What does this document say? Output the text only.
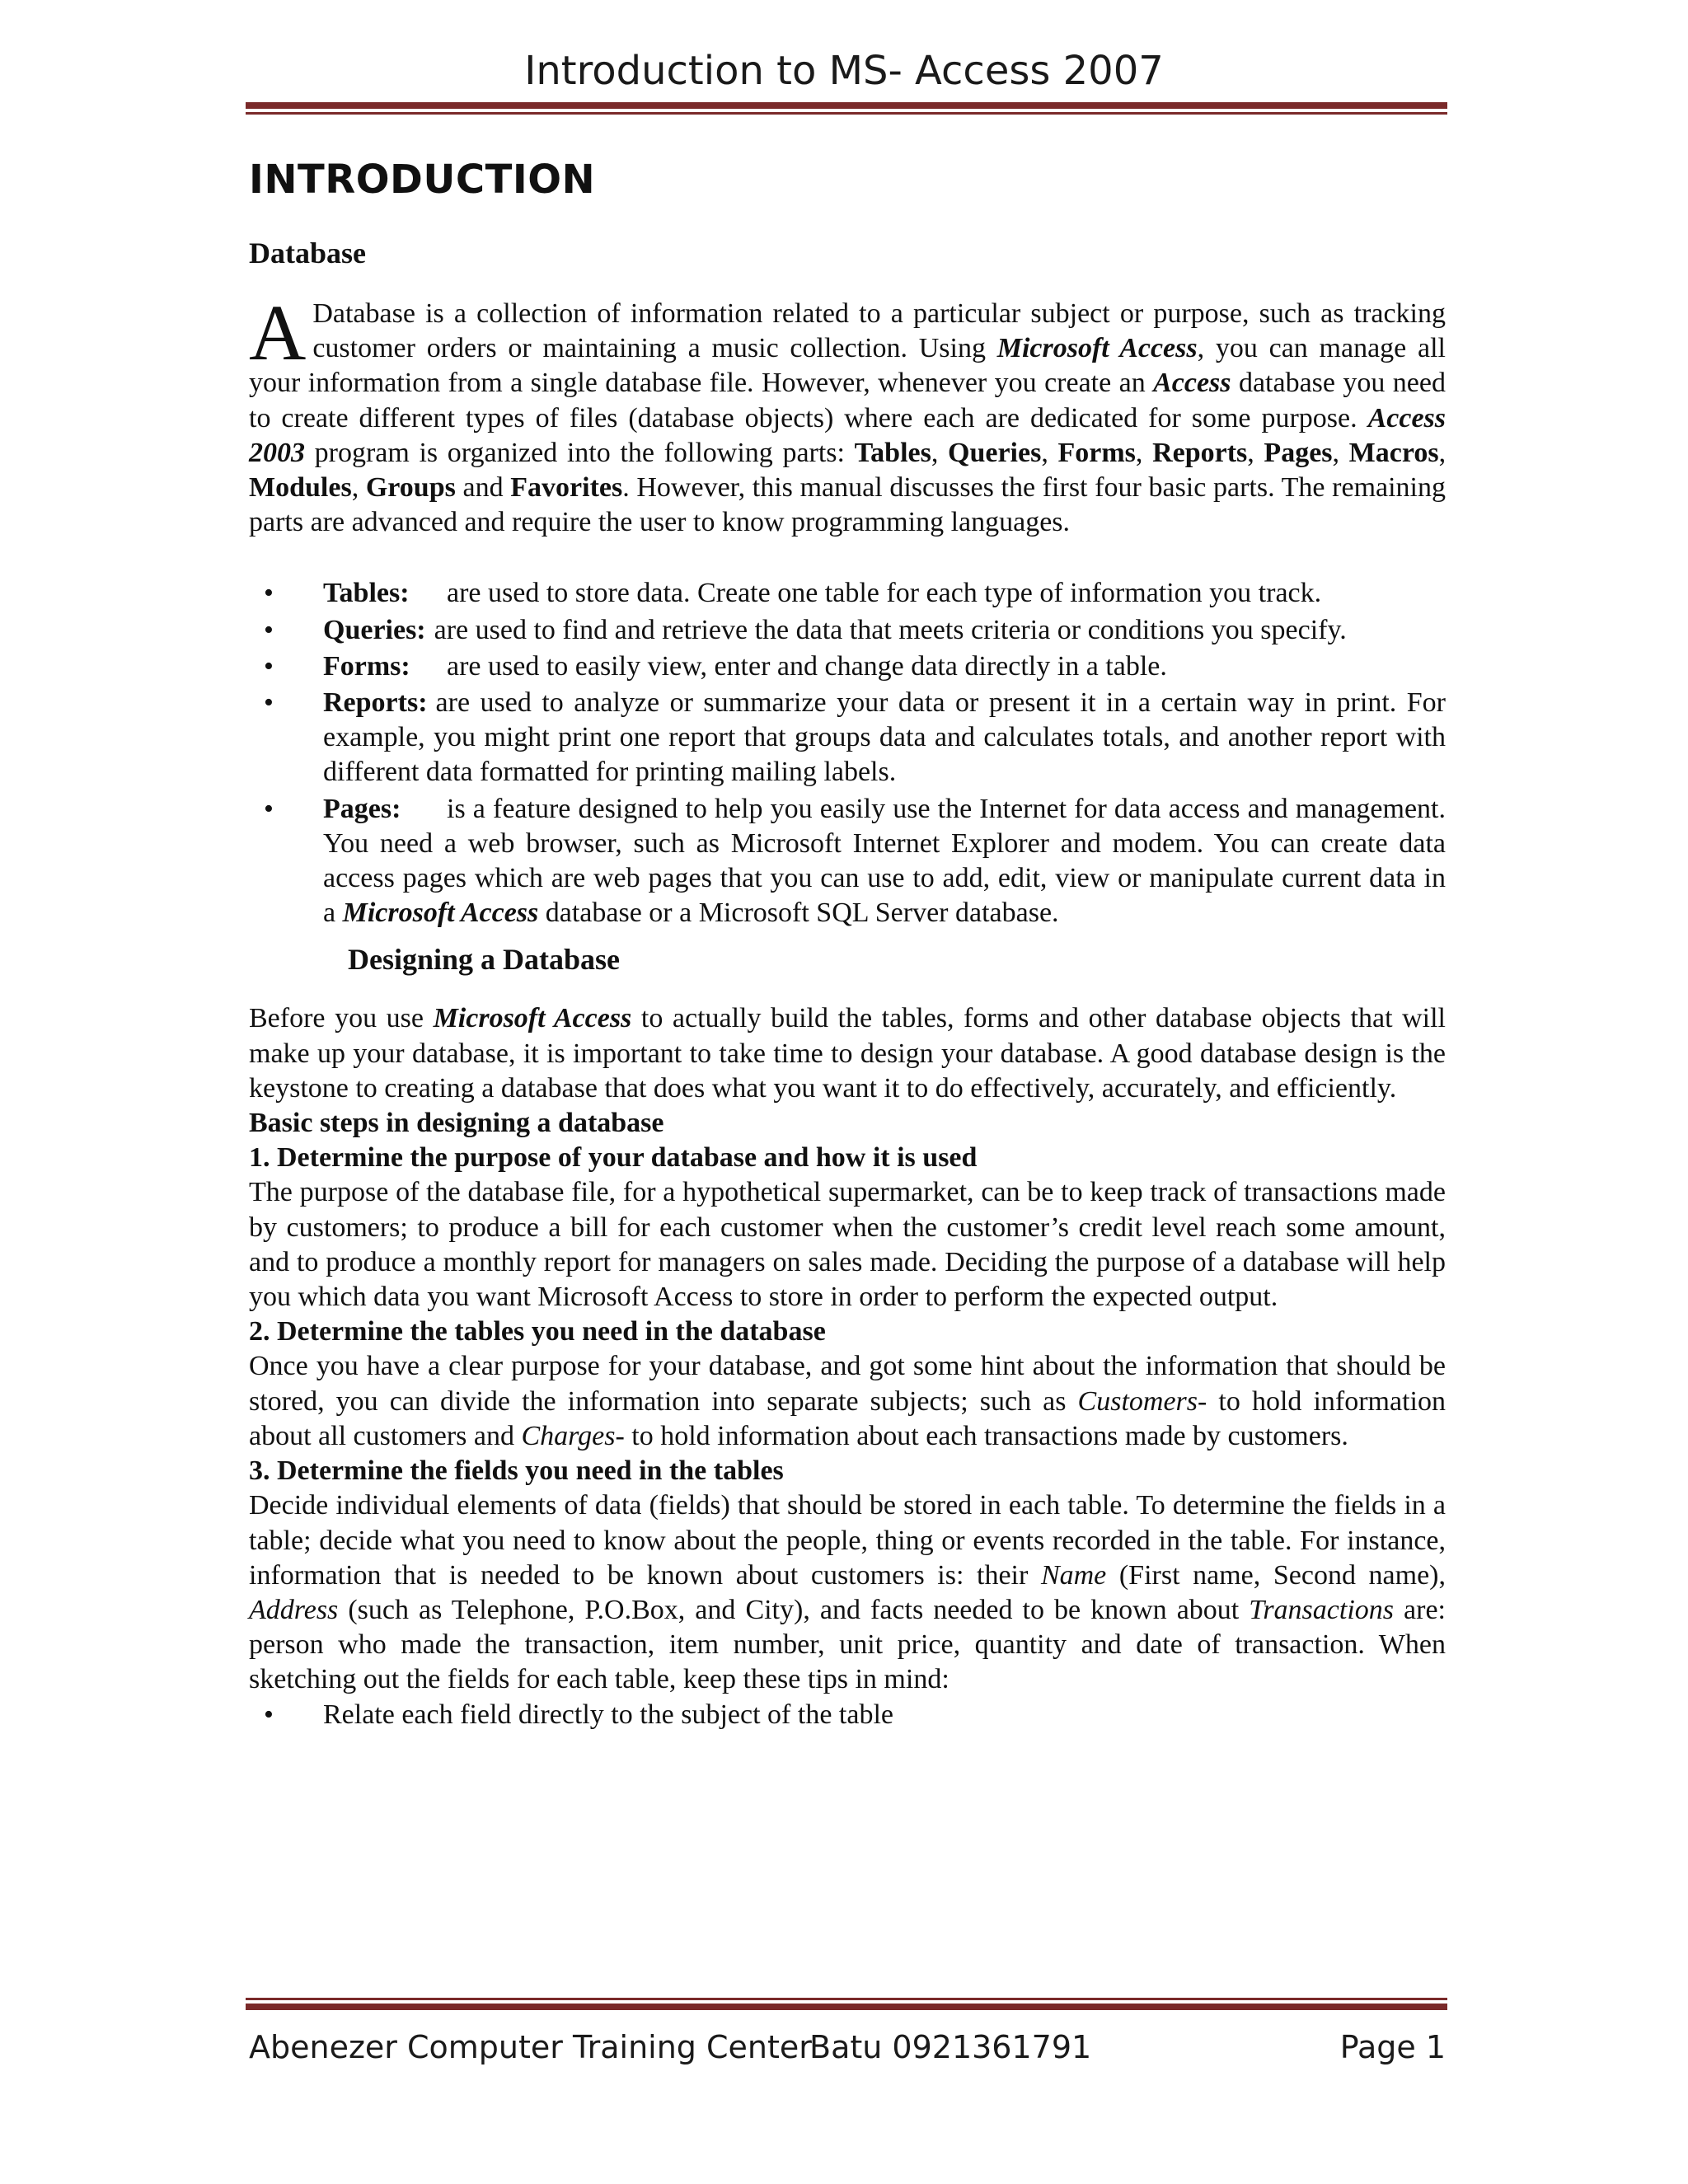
Introduction to MS- Access 2007
INTRODUCTION
Database

A Database is a collection of information related to a particular subject or purpose, such as tracking customer orders or maintaining a music collection. Using Microsoft Access, you can manage all your information from a single database file. However, whenever you create an Access database you need to create different types of files (database objects) where each are dedicated for some purpose. Access 2003 program is organized into the following parts: Tables, Queries, Forms, Reports, Pages, Macros, Modules, Groups and Favorites. However, this manual discusses the first four basic parts. The remaining parts are advanced and require the user to know programming languages.

• Tables: are used to store data. Create one table for each type of information you track.
• Queries: are used to find and retrieve the data that meets criteria or conditions you specify.
• Forms: are used to easily view, enter and change data directly in a table.
• Reports: are used to analyze or summarize your data or present it in a certain way in print. For example, you might print one report that groups data and calculates totals, and another report with different data formatted for printing mailing labels.
• Pages: is a feature designed to help you easily use the Internet for data access and management. You need a web browser, such as Microsoft Internet Explorer and modem. You can create data access pages which are web pages that you can use to add, edit, view or manipulate current data in a Microsoft Access database or a Microsoft SQL Server database.
Designing a Database

Before you use Microsoft Access to actually build the tables, forms and other database objects that will make up your database, it is important to take time to design your database. A good database design is the keystone to creating a database that does what you want it to do effectively, accurately, and efficiently.

Basic steps in designing a database
1. Determine the purpose of your database and how it is used

The purpose of the database file, for a hypothetical supermarket, can be to keep track of transactions made by customers; to produce a bill for each customer when the customer’s credit level reach some amount, and to produce a monthly report for managers on sales made. Deciding the purpose of a database will help you which data you want Microsoft Access to store in order to perform the expected output.

2. Determine the tables you need in the database

Once you have a clear purpose for your database, and got some hint about the information that should be stored, you can divide the information into separate subjects; such as Customers- to hold information about all customers and Charges- to hold information about each transactions made by customers.

3. Determine the fields you need in the tables

Decide individual elements of data (fields) that should be stored in each table. To determine the fields in a table; decide what you need to know about the people, thing or events recorded in the table. For instance, information that is needed to be known about customers is: their Name (First name, Second name), Address (such as Telephone, P.O.Box, and City), and facts needed to be known about Transactions are: person who made the transaction, item number, unit price, quantity and date of transaction. When sketching out the fields for each table, keep these tips in mind:

• Relate each field directly to the subject of the table
Abenezer Computer Training Center
Batu 0921361791	Page 1
